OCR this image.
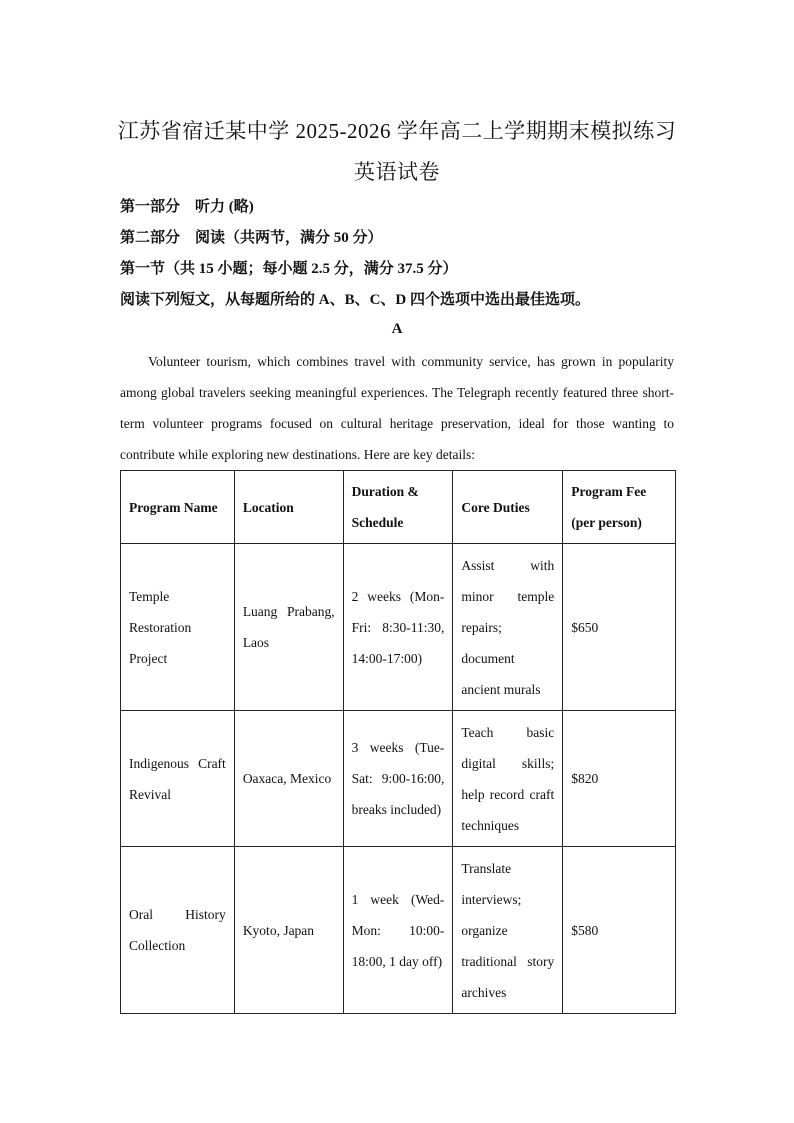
江苏省宿迁某中学 2025-2026 学年高二上学期期末模拟练习
英语试卷
第一部分　听力 (略)
第二部分　阅读（共两节，满分 50 分）
第一节（共 15 小题；每小题 2.5 分，满分 37.5 分）
阅读下列短文，从每题所给的 A、B、C、D 四个选项中选出最佳选项。
A

Volunteer tourism, which combines travel with community service, has grown in popularity among global travelers seeking meaningful experiences. The Telegraph recently featured three short-term volunteer programs focused on cultural heritage preservation, ideal for those wanting to contribute while exploring new destinations. Here are key details:

Program Name	Location	Duration & Schedule	Core Duties	Program Fee (per person)
Temple Restoration Project	Luang Prabang, Laos	2 weeks (Mon-Fri: 8:30-11:30, 14:00-17:00)	Assist with minor temple repairs; document ancient murals	$650
Indigenous Craft Revival	Oaxaca, Mexico	3 weeks (Tue-Sat: 9:00-16:00, breaks included)	Teach basic digital skills; help record craft techniques	$820
Oral History Collection	Kyoto, Japan	1 week (Wed-Mon: 10:00-18:00, 1 day off)	Translate interviews; organize traditional story archives	$580
